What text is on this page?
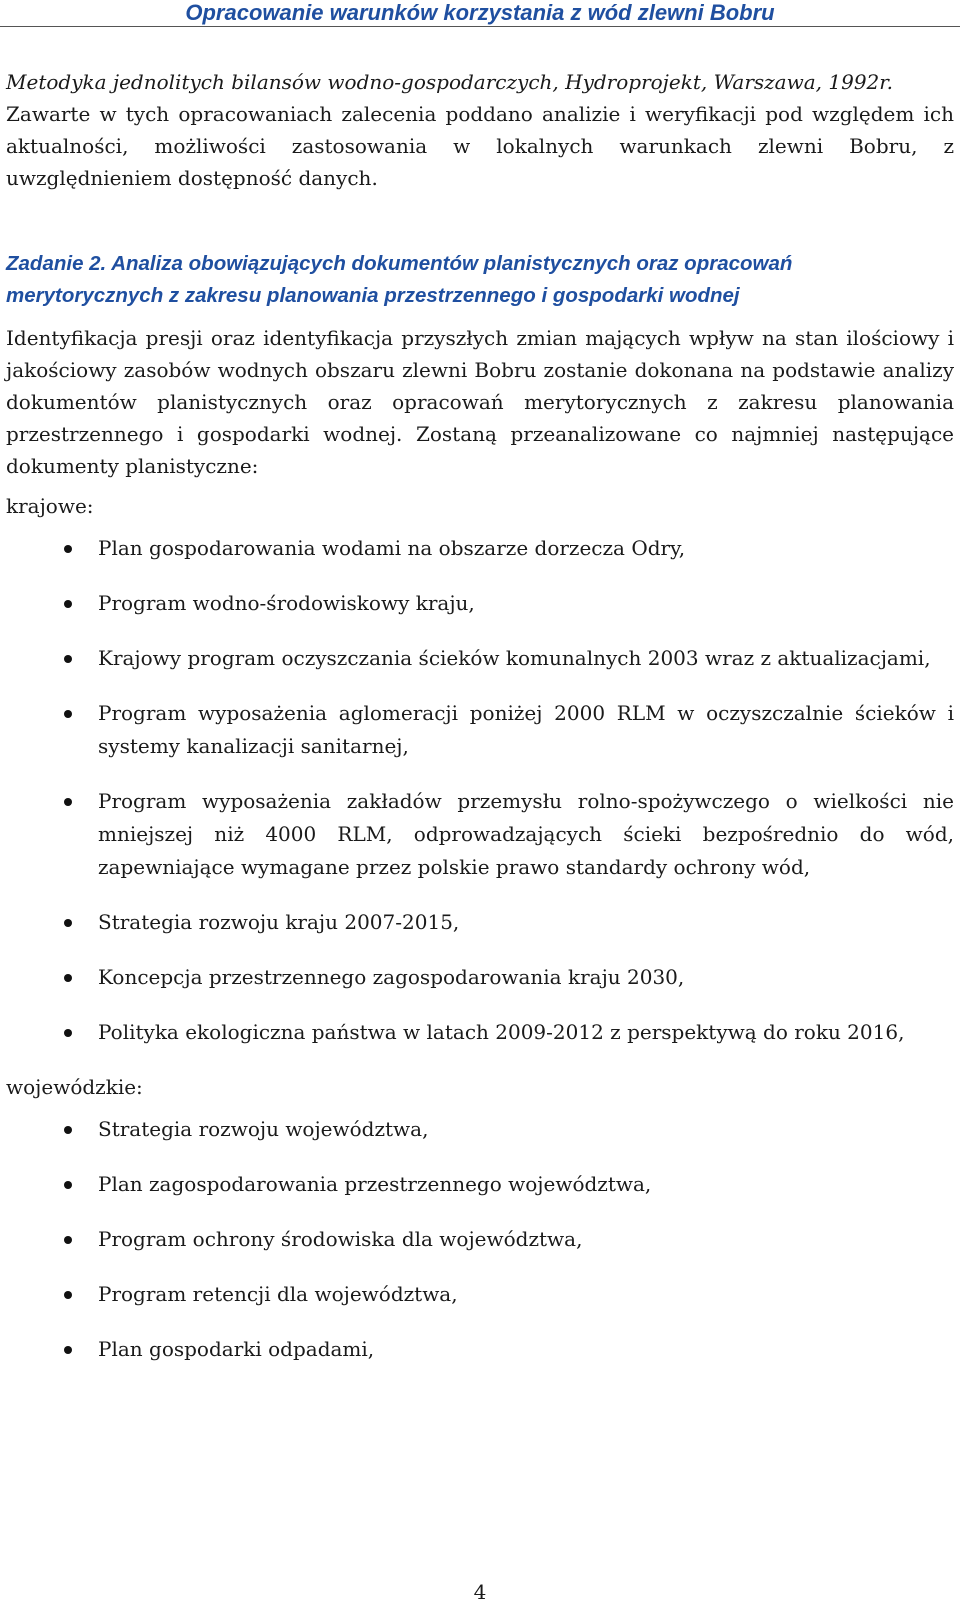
Opracowanie warunków korzystania z wód zlewni Bobru

Metodyka jednolitych bilansów wodno-gospodarczych, Hydroprojekt, Warszawa, 1992r.

Zawarte w tych opracowaniach zalecenia poddano analizie i weryfikacji pod względem ich aktualności, możliwości zastosowania w lokalnych warunkach zlewni Bobru, z uwzględnieniem dostępność danych.

Zadanie 2. Analiza obowiązujących dokumentów planistycznych oraz opracowań merytorycznych z zakresu planowania przestrzennego i gospodarki wodnej

Identyfikacja presji oraz identyfikacja przyszłych zmian mających wpływ na stan ilościowy i jakościowy zasobów wodnych obszaru zlewni Bobru zostanie dokonana na podstawie analizy dokumentów planistycznych oraz opracowań merytorycznych z zakresu planowania przestrzennego i gospodarki wodnej. Zostaną przeanalizowane co najmniej następujące dokumenty planistyczne:

krajowe:

Plan gospodarowania wodami na obszarze dorzecza Odry,
Program wodno-środowiskowy kraju,
Krajowy program oczyszczania ścieków komunalnych 2003 wraz z aktualizacjami,
Program wyposażenia aglomeracji poniżej 2000 RLM w oczyszczalnie ścieków i systemy kanalizacji sanitarnej,
Program wyposażenia zakładów przemysłu rolno-spożywczego o wielkości nie mniejszej niż 4000 RLM, odprowadzających ścieki bezpośrednio do wód, zapewniające wymagane przez polskie prawo standardy ochrony wód,
Strategia rozwoju kraju 2007-2015,
Koncepcja przestrzennego zagospodarowania kraju 2030,
Polityka ekologiczna państwa w latach 2009-2012 z perspektywą do roku 2016,

wojewódzkie:

Strategia rozwoju województwa,
Plan zagospodarowania przestrzennego województwa,
Program ochrony środowiska dla województwa,
Program retencji dla województwa,
Plan gospodarki odpadami,
4
